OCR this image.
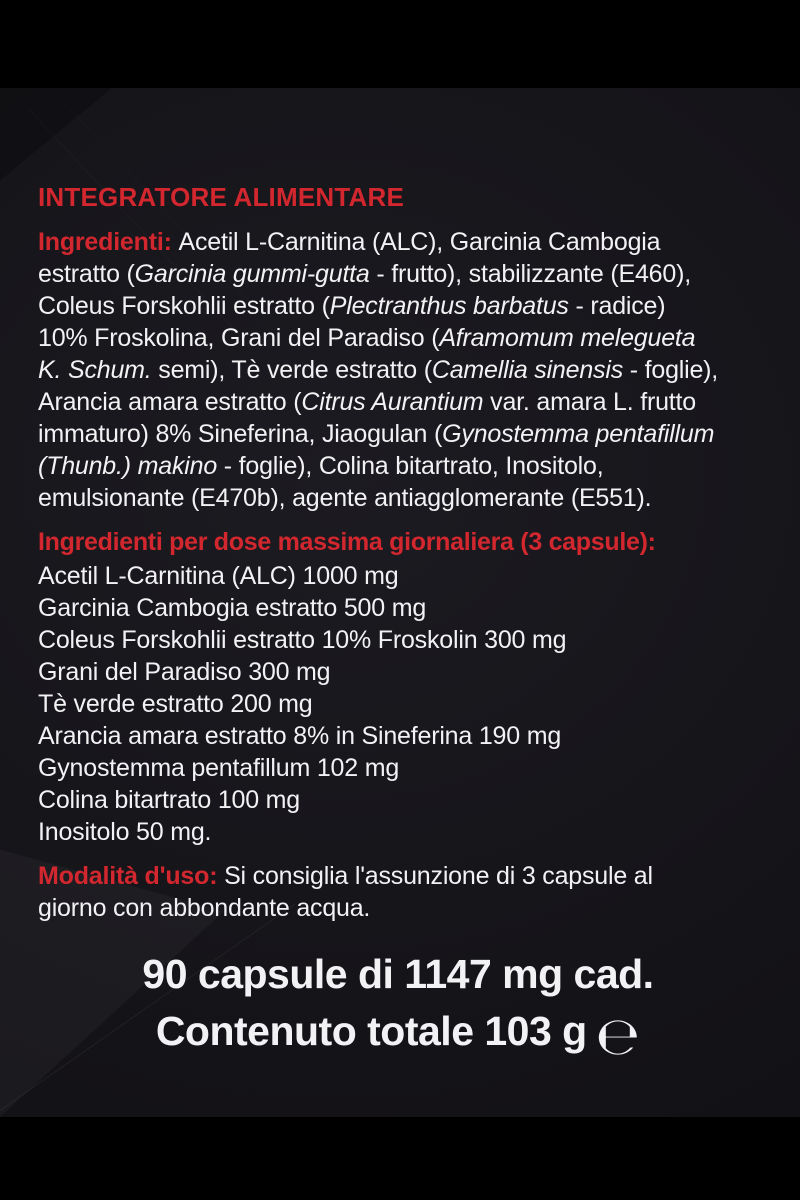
INTEGRATORE ALIMENTARE
Ingredienti: Acetil L-Carnitina (ALC), Garcinia Cambogia
estratto (Garcinia gummi-gutta - frutto), stabilizzante (E460),
Coleus Forskohlii estratto (Plectranthus barbatus - radice)
10% Froskolina, Grani del Paradiso (Aframomum melegueta
K. Schum. semi), Tè verde estratto (Camellia sinensis - foglie),
Arancia amara estratto (Citrus Aurantium var. amara L. frutto
immaturo) 8% Sineferina, Jiaogulan (Gynostemma pentafillum
(Thunb.) makino - foglie), Colina bitartrato, Inositolo,
emulsionante (E470b), agente antiagglomerante (E551).
Ingredienti per dose massima giornaliera (3 capsule):
Acetil L-Carnitina (ALC) 1000 mg
Garcinia Cambogia estratto 500 mg
Coleus Forskohlii estratto 10% Froskolin 300 mg
Grani del Paradiso 300 mg
Tè verde estratto 200 mg
Arancia amara estratto 8% in Sineferina 190 mg
Gynostemma pentafillum 102 mg
Colina bitartrato 100 mg
Inositolo 50 mg.
Modalità d'uso: Si consiglia l'assunzione di 3 capsule al
giorno con abbondante acqua.
90 capsule di 1147 mg cad.
Contenuto totale 103 g ℮
